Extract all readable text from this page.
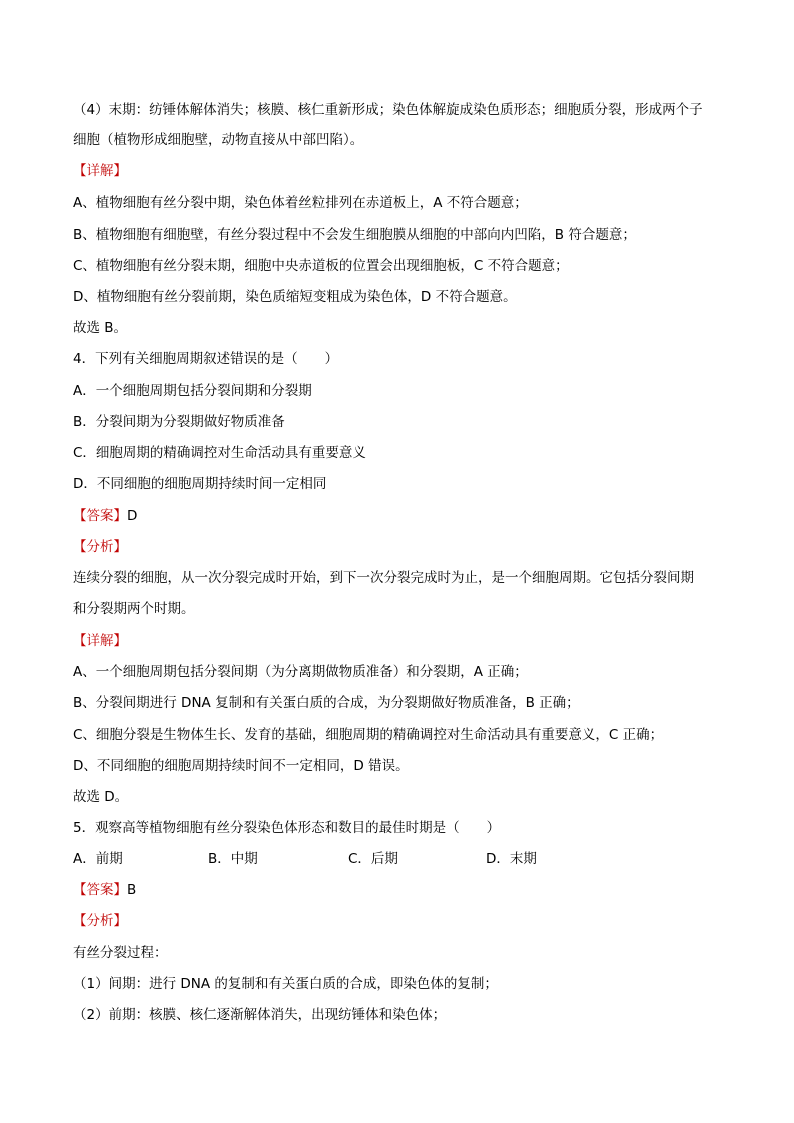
（4）末期：纺锤体解体消失；核膜、核仁重新形成；染色体解旋成染色质形态；细胞质分裂，形成两个子
细胞（植物形成细胞壁，动物直接从中部凹陷）。
【详解】
A、植物细胞有丝分裂中期，染色体着丝粒排列在赤道板上，A 不符合题意；
B、植物细胞有细胞壁，有丝分裂过程中不会发生细胞膜从细胞的中部向内凹陷，B 符合题意；
C、植物细胞有丝分裂末期，细胞中央赤道板的位置会出现细胞板，C 不符合题意；
D、植物细胞有丝分裂前期，染色质缩短变粗成为染色体，D 不符合题意。
故选 B。
4．下列有关细胞周期叙述错误的是（　　）
A．一个细胞周期包括分裂间期和分裂期
B．分裂间期为分裂期做好物质准备
C．细胞周期的精确调控对生命活动具有重要意义
D．不同细胞的细胞周期持续时间一定相同
【答案】D
【分析】
连续分裂的细胞，从一次分裂完成时开始，到下一次分裂完成时为止，是一个细胞周期。它包括分裂间期
和分裂期两个时期。
【详解】
A、一个细胞周期包括分裂间期（为分离期做物质准备）和分裂期，A 正确；
B、分裂间期进行 DNA 复制和有关蛋白质的合成，为分裂期做好物质准备，B 正确；
C、细胞分裂是生物体生长、发育的基础，细胞周期的精确调控对生命活动具有重要意义，C 正确；
D、不同细胞的细胞周期持续时间不一定相同，D 错误。
故选 D。
5．观察高等植物细胞有丝分裂染色体形态和数目的最佳时期是（　　）
A．前期	B．中期	C．后期	D．末期
【答案】B
【分析】
有丝分裂过程：
（1）间期：进行 DNA 的复制和有关蛋白质的合成，即染色体的复制；
（2）前期：核膜、核仁逐渐解体消失，出现纺锤体和染色体；
